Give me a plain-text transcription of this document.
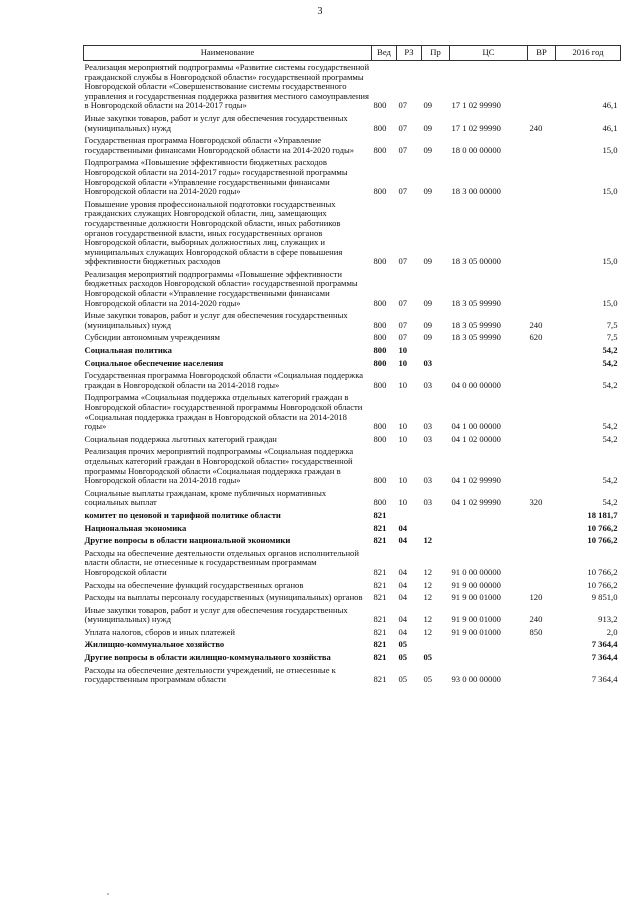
3
Наименование	Вед	РЗ	Пр	ЦС	ВР	2016 год
Реализация мероприятий подпрограммы «Развитие системы государственной гражданской службы в Новгородской области» государственной программы Новгородской области «Совершенствование системы государственного управления и государственная поддержка развития местного самоуправления в Новгородской области на 2014-2017 годы»	800	07	09	17 1 02 99990		46,1
Иные закупки товаров, работ и услуг для обеспечения государственных (муниципальных) нужд	800	07	09	17 1 02 99990	240	46,1
Государственная программа Новгородской области «Управление государственными финансами Новгородской области на 2014-2020 годы»	800	07	09	18 0 00 00000		15,0
Подпрограмма «Повышение эффективности бюджетных расходов Новгородской области на 2014-2017 годы» государственной программы Новгородской области «Управление государственными финансами Новгородской области на 2014-2020 годы»	800	07	09	18 3 00 00000		15,0
Повышение уровня профессиональной подготовки государственных гражданских служащих Новгородской области, лиц, замещающих государственные должности Новгородской области, иных работников органов государственной власти, иных государственных органов Новгородской области, выборных должностных лиц, служащих и муниципальных служащих Новгородской области в сфере повышения эффективности бюджетных расходов	800	07	09	18 3 05 00000		15,0
Реализация мероприятий подпрограммы «Повышение эффективности бюджетных расходов Новгородской области» государственной программы Новгородской области «Управление государственными финансами Новгородской области на 2014-2020 годы»	800	07	09	18 3 05 99990		15,0
Иные закупки товаров, работ и услуг для обеспечения государственных (муниципальных) нужд	800	07	09	18 3 05 99990	240	7,5
Субсидии автономным учреждениям	800	07	09	18 3 05 99990	620	7,5
Социальная политика	800	10				54,2
Социальное обеспечение населения	800	10	03			54,2
Государственная программа Новгородской области «Социальная поддержка граждан в Новгородской области на 2014-2018 годы»	800	10	03	04 0 00 00000		54,2
Подпрограмма «Социальная поддержка отдельных категорий граждан в Новгородской области» государственной программы Новгородской области «Социальная поддержка граждан в Новгородской области на 2014-2018 годы»	800	10	03	04 1 00 00000		54,2
Социальная поддержка льготных категорий граждан	800	10	03	04 1 02 00000		54,2
Реализация прочих мероприятий подпрограммы «Социальная поддержка отдельных категорий граждан в Новгородской области» государственной программы Новгородской области «Социальная поддержка граждан в Новгородской области на 2014-2018 годы»	800	10	03	04 1 02 99990		54,2
Социальные выплаты гражданам, кроме публичных нормативных социальных выплат	800	10	03	04 1 02 99990	320	54,2
комитет по ценовой и тарифной политике области	821					18 181,7
Национальная экономика	821	04				10 766,2
Другие вопросы в области национальной экономики	821	04	12			10 766,2
Расходы на обеспечение деятельности отдельных органов исполнительной власти области, не отнесенные к государственным программам Новгородской области	821	04	12	91 0 00 00000		10 766,2
Расходы на обеспечение функций государственных органов	821	04	12	91 9 00 00000		10 766,2
Расходы на выплаты персоналу государственных (муниципальных) органов	821	04	12	91 9 00 01000	120	9 851,0
Иные закупки товаров, работ и услуг для обеспечения государственных (муниципальных) нужд	821	04	12	91 9 00 01000	240	913,2
Уплата налогов, сборов и иных платежей	821	04	12	91 9 00 01000	850	2,0
Жилищно-коммунальное хозяйство	821	05				7 364,4
Другие вопросы в области жилищно-коммунального хозяйства	821	05	05			7 364,4
Расходы на обеспечение деятельности учреждений, не отнесенные к государственным программам области	821	05	05	93 0 00 00000		7 364,4
